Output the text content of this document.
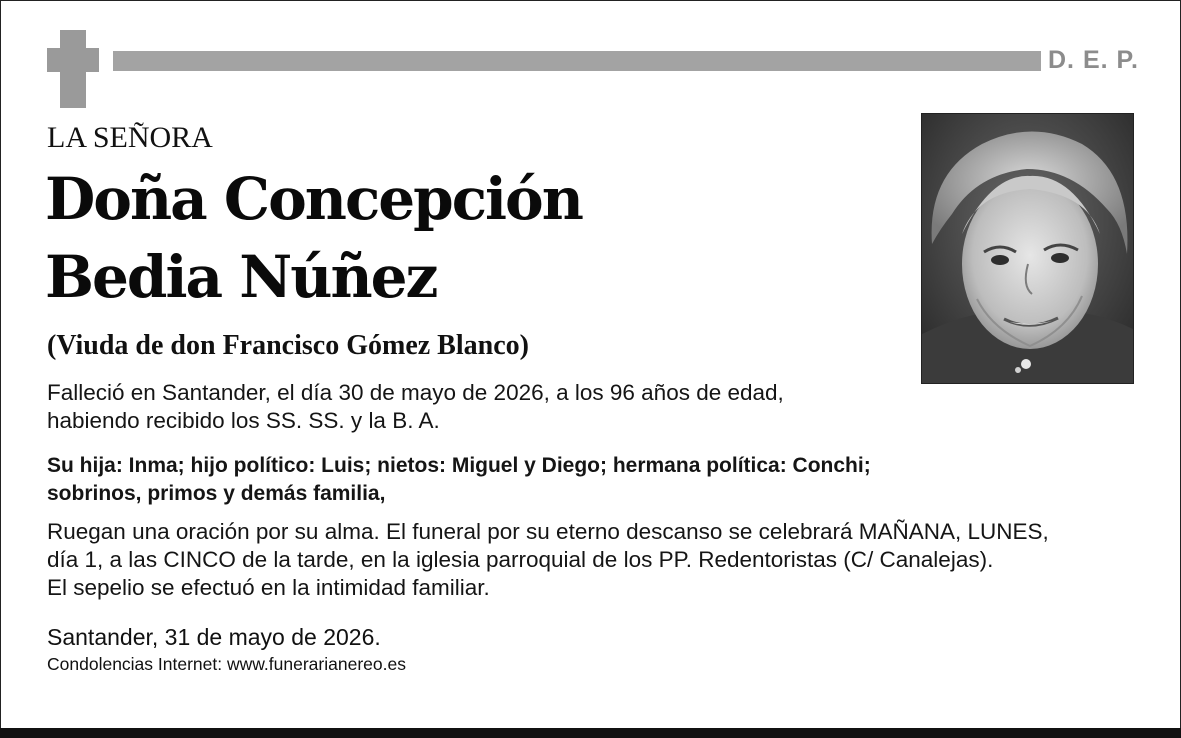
D. E. P.
LA SEÑORA
Doña Concepción
Bedia Núñez
(Viuda de don Francisco Gómez Blanco)
Falleció en Santander, el día 30 de mayo de 2026, a los 96 años de edad,
habiendo recibido los SS. SS. y la B. A.
Su hija: Inma; hijo político: Luis; nietos: Miguel y Diego; hermana política: Conchi;
sobrinos, primos y demás familia,
Ruegan una oración por su alma. El funeral por su eterno descanso se celebrará MAÑANA, LUNES,
día 1, a las CINCO de la tarde, en la iglesia parroquial de los PP. Redentoristas (C/ Canalejas).
El sepelio se efectuó en la intimidad familiar.
Santander, 31 de mayo de 2026.
Condolencias Internet: www.funerarianereo.es
